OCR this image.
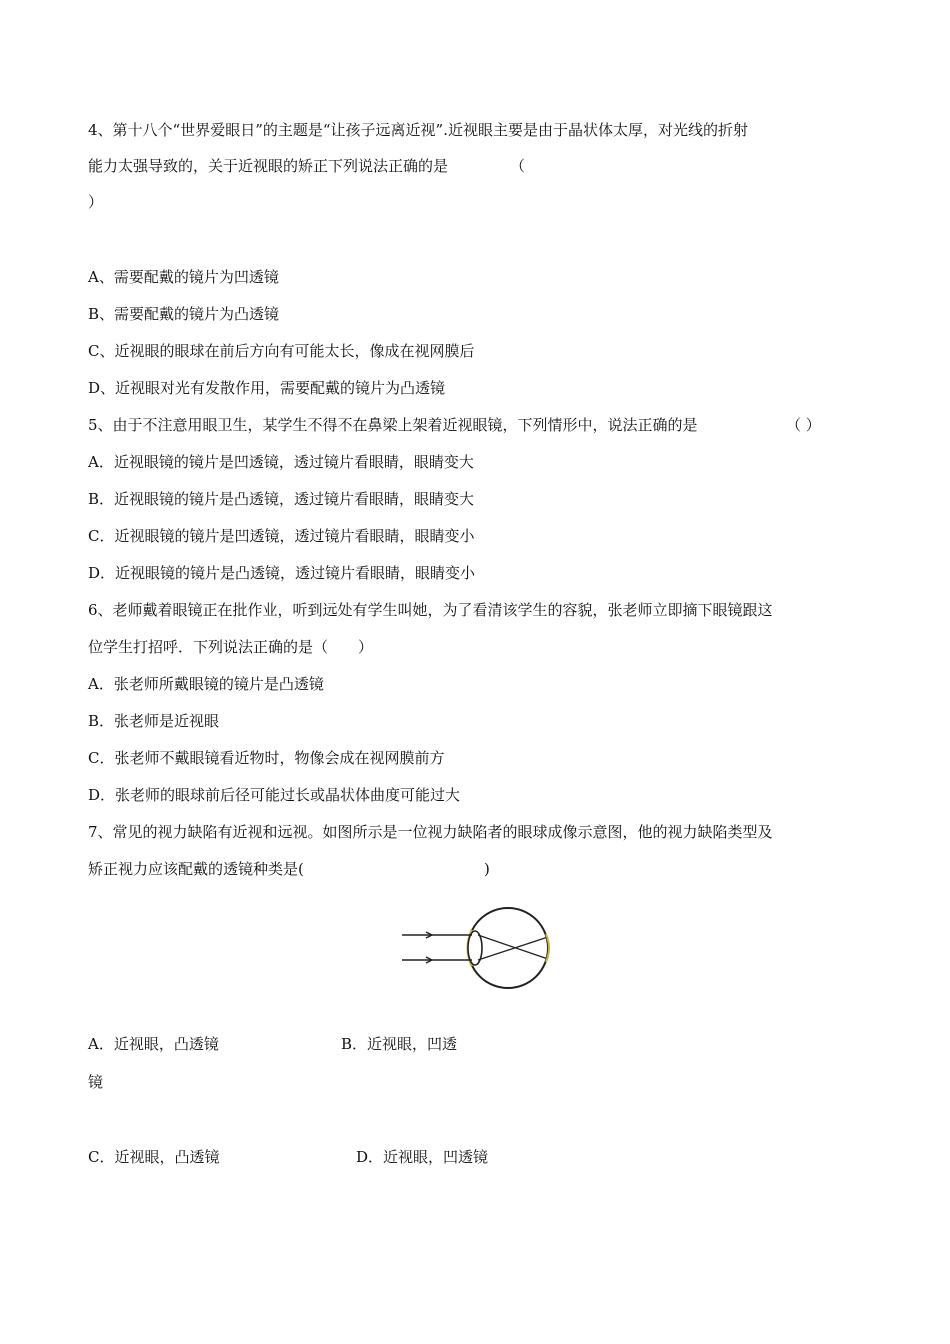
4、第十八个“世界爱眼日”的主题是“让孩子远离近视”.近视眼主要是由于晶状体太厚，对光线的折射
能力太强导致的，关于近视眼的矫正下列说法正确的是	（
）
A、需要配戴的镜片为凹透镜
B、需要配戴的镜片为凸透镜
C、近视眼的眼球在前后方向有可能太长，像成在视网膜后
D、近视眼对光有发散作用，需要配戴的镜片为凸透镜
5、由于不注意用眼卫生，某学生不得不在鼻梁上架着近视眼镜，下列情形中，说法正确的是	（ ）
A．近视眼镜的镜片是凹透镜，透过镜片看眼睛，眼睛变大
B．近视眼镜的镜片是凸透镜，透过镜片看眼睛，眼睛变大
C．近视眼镜的镜片是凹透镜，透过镜片看眼睛，眼睛变小
D．近视眼镜的镜片是凸透镜，透过镜片看眼睛，眼睛变小
6、老师戴着眼镜正在批作业，听到远处有学生叫她，为了看清该学生的容貌，张老师立即摘下眼镜跟这
位学生打招呼．下列说法正确的是（　　）
A．张老师所戴眼镜的镜片是凸透镜
B．张老师是近视眼
C．张老师不戴眼镜看近物时，物像会成在视网膜前方
D．张老师的眼球前后径可能过长或晶状体曲度可能过大
7、常见的视力缺陷有近视和远视。如图所示是一位视力缺陷者的眼球成像示意图，他的视力缺陷类型及
矫正视力应该配戴的透镜种类是(	)
A．近视眼，凸透镜	B．近视眼，凹透
镜
C．近视眼，凸透镜	D．近视眼，凹透镜
